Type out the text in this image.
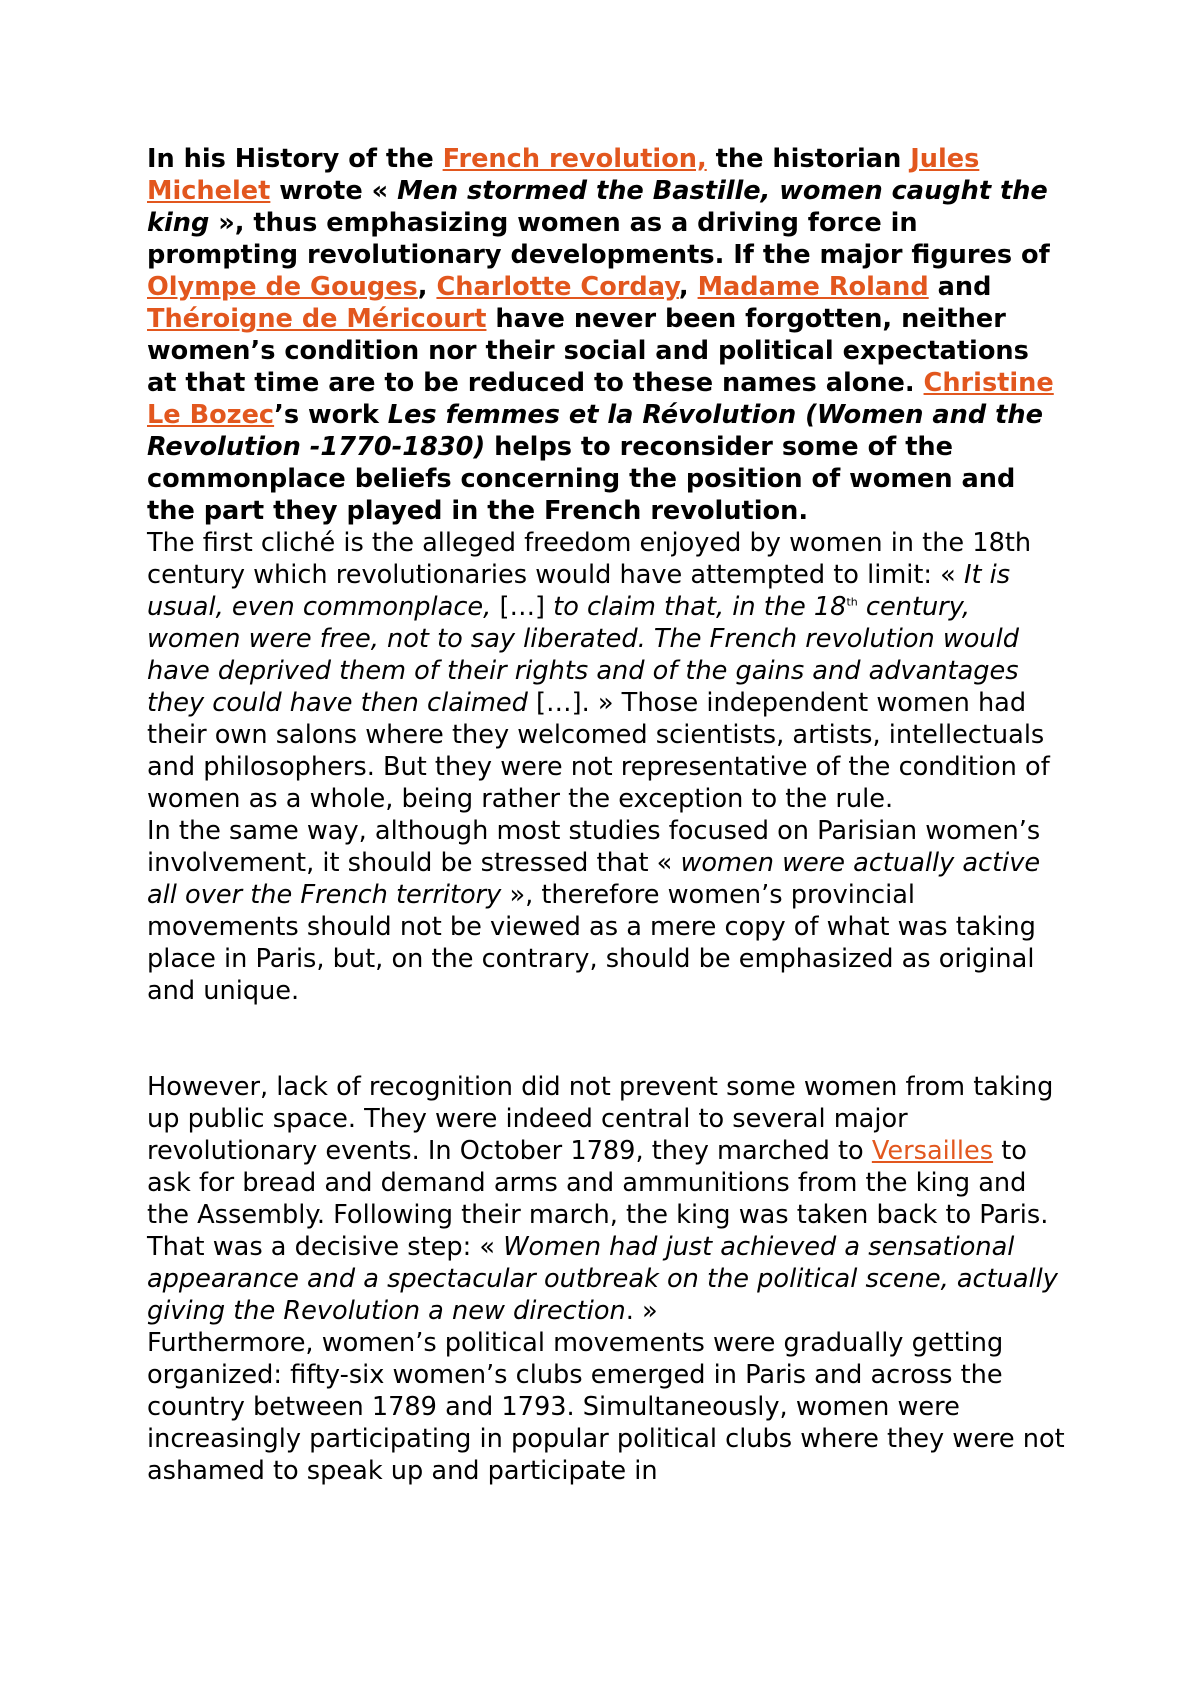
In his History of the French revolution, the historian Jules Michelet wrote « Men stormed the Bastille, women caught the king », thus emphasizing women as a driving force in prompting revolutionary developments. If the major figures of Olympe de Gouges, Charlotte Corday, Madame Roland and Théroigne de Méricourt have never been forgotten, neither women’s condition nor their social and political expectations at that time are to be reduced to these names alone. Christine Le Bozec’s work Les femmes et la Révolution (Women and the Revolution -1770-1830) helps to reconsider some of the commonplace beliefs concerning the position of women and the part they played in the French revolution.

The first cliché is the alleged freedom enjoyed by women in the 18th century which revolutionaries would have attempted to limit: « It is usual, even commonplace, […] to claim that, in the 18th century, women were free, not to say liberated. The French revolution would have deprived them of their rights and of the gains and advantages they could have then claimed […]. » Those independent women had their own salons where they welcomed scientists, artists, intellectuals and philosophers. But they were not representative of the condition of women as a whole, being rather the exception to the rule.

In the same way, although most studies focused on Parisian women’s involvement, it should be stressed that « women were actually active all over the French territory », therefore women’s provincial movements should not be viewed as a mere copy of what was taking place in Paris, but, on the contrary, should be emphasized as original and unique.

However, lack of recognition did not prevent some women from taking up public space. They were indeed central to several major revolutionary events. In October 1789, they marched to Versailles to ask for bread and demand arms and ammunitions from the king and the Assembly. Following their march, the king was taken back to Paris. That was a decisive step: « Women had just achieved a sensational appearance and a spectacular outbreak on the political scene, actually giving the Revolution a new direction. »

Furthermore, women’s political movements were gradually getting organized: fifty-six women’s clubs emerged in Paris and across the country between 1789 and 1793. Simultaneously, women were increasingly participating in popular political clubs where they were not ashamed to speak up and participate in
